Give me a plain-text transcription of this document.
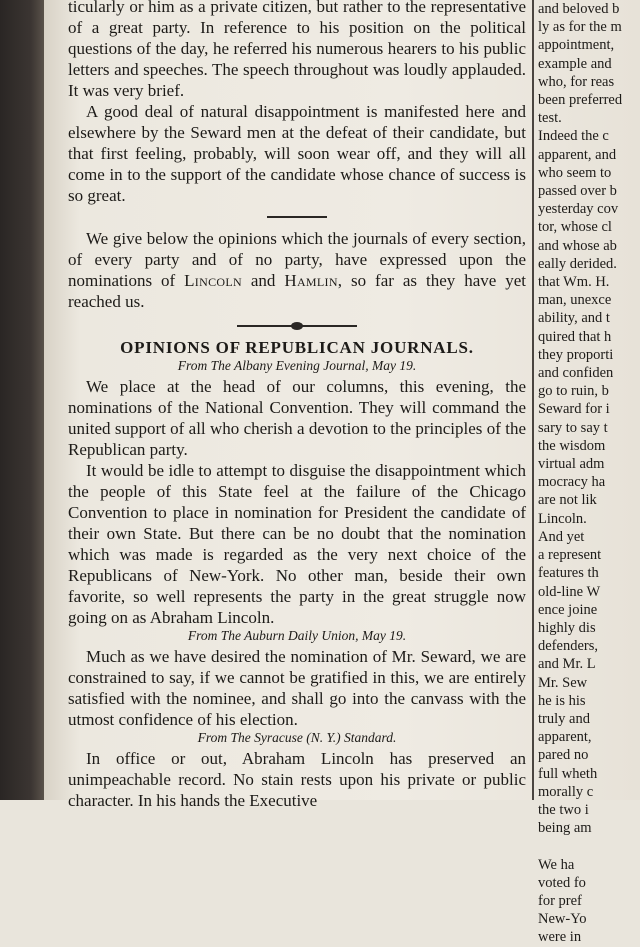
ticularly or him as a private citizen, but rather to the representative of a great party. In reference to his position on the political questions of the day, he referred his numerous hearers to his public letters and speeches. The speech throughout was loudly applauded. It was very brief.

A good deal of natural disappointment is manifested here and elsewhere by the Seward men at the defeat of their candidate, but that first feeling, probably, will soon wear off, and they will all come in to the support of the candidate whose chance of success is so great.

We give below the opinions which the journals of every section, of every party and of no party, have expressed upon the nominations of Lincoln and Hamlin, so far as they have yet reached us.

OPINIONS OF REPUBLICAN JOURNALS.
From The Albany Evening Journal, May 19.

We place at the head of our columns, this evening, the nominations of the National Convention. They will command the united support of all who cherish a devotion to the principles of the Republican party.

It would be idle to attempt to disguise the disappointment which the people of this State feel at the failure of the Chicago Convention to place in nomination for President the candidate of their own State. But there can be no doubt that the nomination which was made is regarded as the very next choice of the Republicans of New-York. No other man, beside their own favorite, so well represents the party in the great struggle now going on as Abraham Lincoln.

From The Auburn Daily Union, May 19.

Much as we have desired the nomination of Mr. Seward, we are constrained to say, if we cannot be gratified in this, we are entirely satisfied with the nominee, and shall go into the canvass with the utmost confidence of his election.

From The Syracuse (N. Y.) Standard.

In office or out, Abraham Lincoln has preserved an unimpeachable record. No stain rests upon his private or public character. In his hands the Executive

and beloved b
ly as for the m
appointment,
example and
who, for reas
been preferred
test.
Indeed the c
apparent, and
who seem to
passed over b
yesterday cov
tor, whose cl
and whose ab
eally derided.
that Wm. H.
man, unexce
ability, and t
quired that h
they proporti
and confiden
go to ruin, b
Seward for i
sary to say t
the wisdom
virtual adm
mocracy ha
are not lik
Lincoln.
And yet
a represent
features th
old-line W
ence joine
highly dis
defenders,
and Mr. L
Mr. Sew
he is his
truly and
apparent,
pared no
full wheth
morally c
the two i
being am

We ha
voted fo
for pref
New-Yo
were in
